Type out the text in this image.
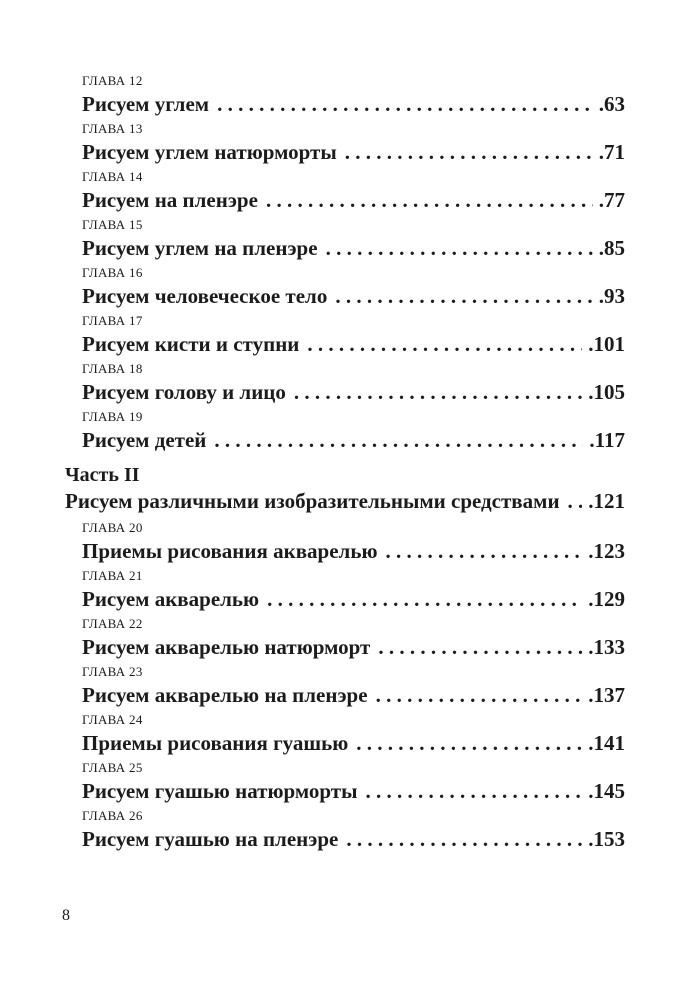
ГЛАВА 12
Рисуем углем . . .	.63
ГЛАВА 13
Рисуем углем натюрморты . . .	.71
ГЛАВА 14
Рисуем на пленэре . . .	.77
ГЛАВА 15
Рисуем углем на пленэре . . .	.85
ГЛАВА 16
Рисуем человеческое тело . . .	.93
ГЛАВА 17
Рисуем кисти и ступни . . .	.101
ГЛАВА 18
Рисуем голову и лицо . . .	.105
ГЛАВА 19
Рисуем детей . . .	.117
Часть II
Рисуем различными изобразительными средствами . . . .121
ГЛАВА 20
Приемы рисования акварелью . . .	.123
ГЛАВА 21
Рисуем акварелью . . .	.129
ГЛАВА 22
Рисуем акварелью натюрморт . . .	.133
ГЛАВА 23
Рисуем акварелью на пленэре . . .	.137
ГЛАВА 24
Приемы рисования гуашью . . .	.141
ГЛАВА 25
Рисуем гуашью натюрморты . . .	.145
ГЛАВА 26
Рисуем гуашью на пленэре . . .	.153
8
